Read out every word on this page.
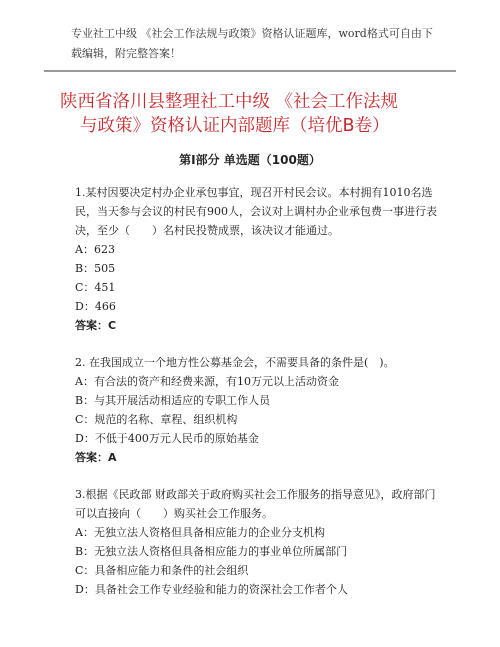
专业社工中级 《社会工作法规与政策》资格认证题库，word格式可自由下载编辑，附完整答案！
陕西省洛川县整理社工中级 《社会工作法规
与政策》资格认证内部题库（培优B卷）
第I部分 单选题（100题）
1.某村因要决定村办企业承包事宜，现召开村民会议。本村拥有1010名选民，当天参与会议的村民有900人，会议对上调村办企业承包费一事进行表决，至少（　　）名村民投赞成票，该决议才能通过。
A：623
B：505
C：451
D：466
答案：C
2. 在我国成立一个地方性公募基金会，不需要具备的条件是(　)。
A：有合法的资产和经费来源，有10万元以上活动资金
B：与其开展活动相适应的专职工作人员
C：规范的名称、章程、组织机构
D：不低于400万元人民币的原始基金
答案：A
3.根据《民政部 财政部关于政府购买社会工作服务的指导意见》，政府部门可以直接向（　　）购买社会工作服务。
A：无独立法人资格但具备相应能力的企业分支机构
B：无独立法人资格但具备相应能力的事业单位所属部门
C：具备相应能力和条件的社会组织
D：具备社会工作专业经验和能力的资深社会工作者个人
